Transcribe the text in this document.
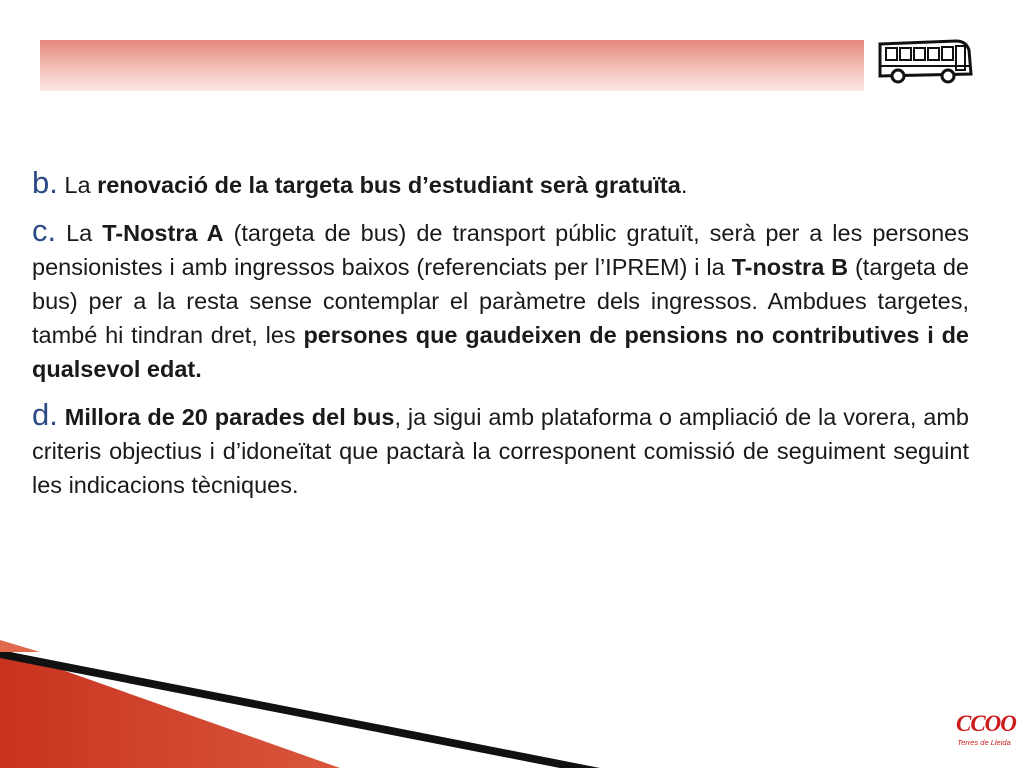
b. La renovació de la targeta bus d’estudiant serà gratuïta.

c. La T-Nostra A (targeta de bus) de transport públic gratuït, serà per a les persones pensionistes i amb ingressos baixos (referenciats per l’IPREM) i la T-nostra B (targeta de bus) per a la resta sense contemplar el paràmetre dels ingressos. Ambdues targetes, també hi tindran dret, les persones que gaudeixen de pensions no contributives i de qualsevol edat.

d. Millora de 20 parades del bus, ja sigui amb plataforma o ampliació de la vorera, amb criteris objectius i d’idoneïtat que pactarà la corresponent comissió de seguiment seguint les indicacions tècniques.

CCOO
Terres de Lleida
